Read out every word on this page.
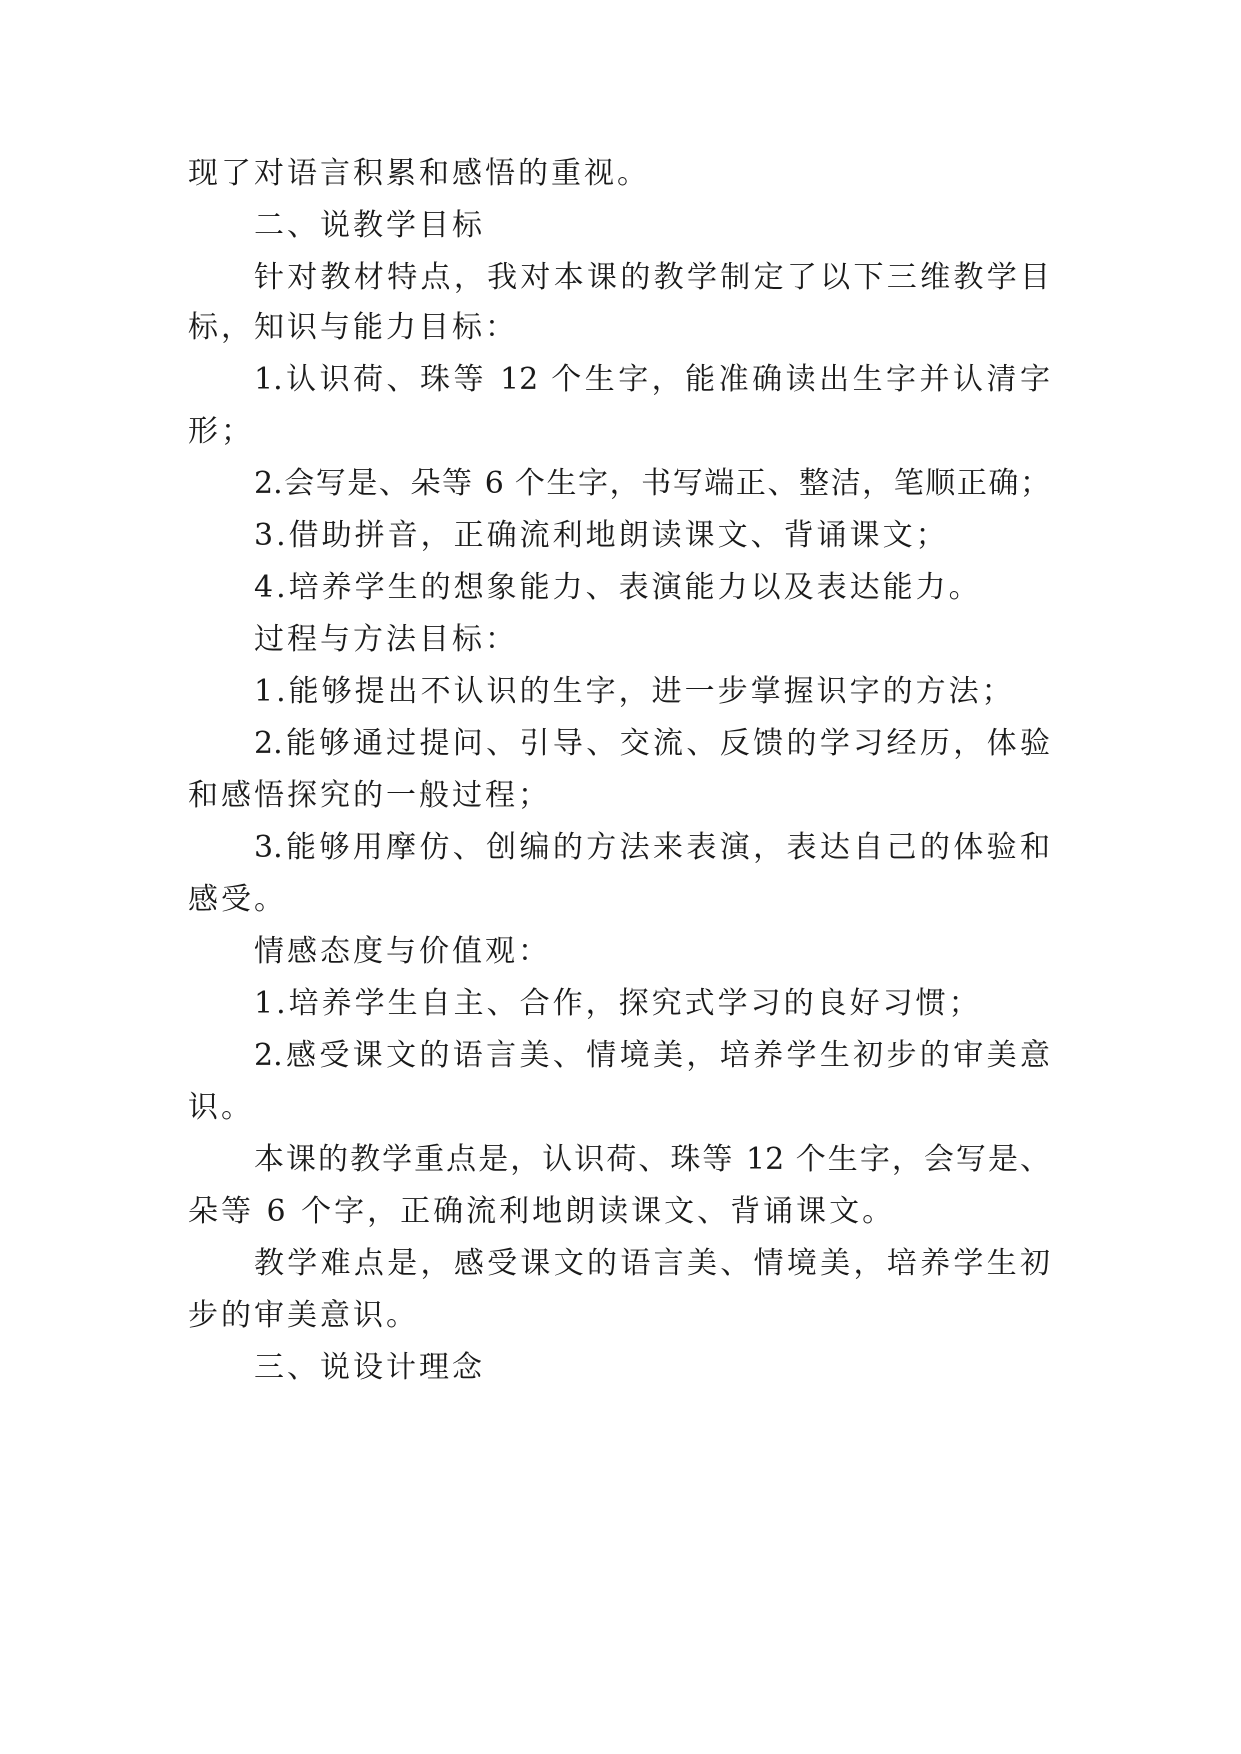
现了对语言积累和感悟的重视。
二、说教学目标
针对教材特点，我对本课的教学制定了以下三维教学目
标，知识与能力目标：
1.认识荷、珠等 12 个生字，能准确读出生字并认清字
形；
2.会写是、朵等 6 个生字，书写端正、整洁，笔顺正确；
3.借助拼音，正确流利地朗读课文、背诵课文；
4.培养学生的想象能力、表演能力以及表达能力。
过程与方法目标：
1.能够提出不认识的生字，进一步掌握识字的方法；
2.能够通过提问、引导、交流、反馈的学习经历，体验
和感悟探究的一般过程；
3.能够用摩仿、创编的方法来表演，表达自己的体验和
感受。
情感态度与价值观：
1.培养学生自主、合作，探究式学习的良好习惯；
2.感受课文的语言美、情境美，培养学生初步的审美意
识。
本课的教学重点是，认识荷、珠等 12 个生字，会写是、
朵等 6 个字，正确流利地朗读课文、背诵课文。
教学难点是，感受课文的语言美、情境美，培养学生初
步的审美意识。
三、说设计理念
